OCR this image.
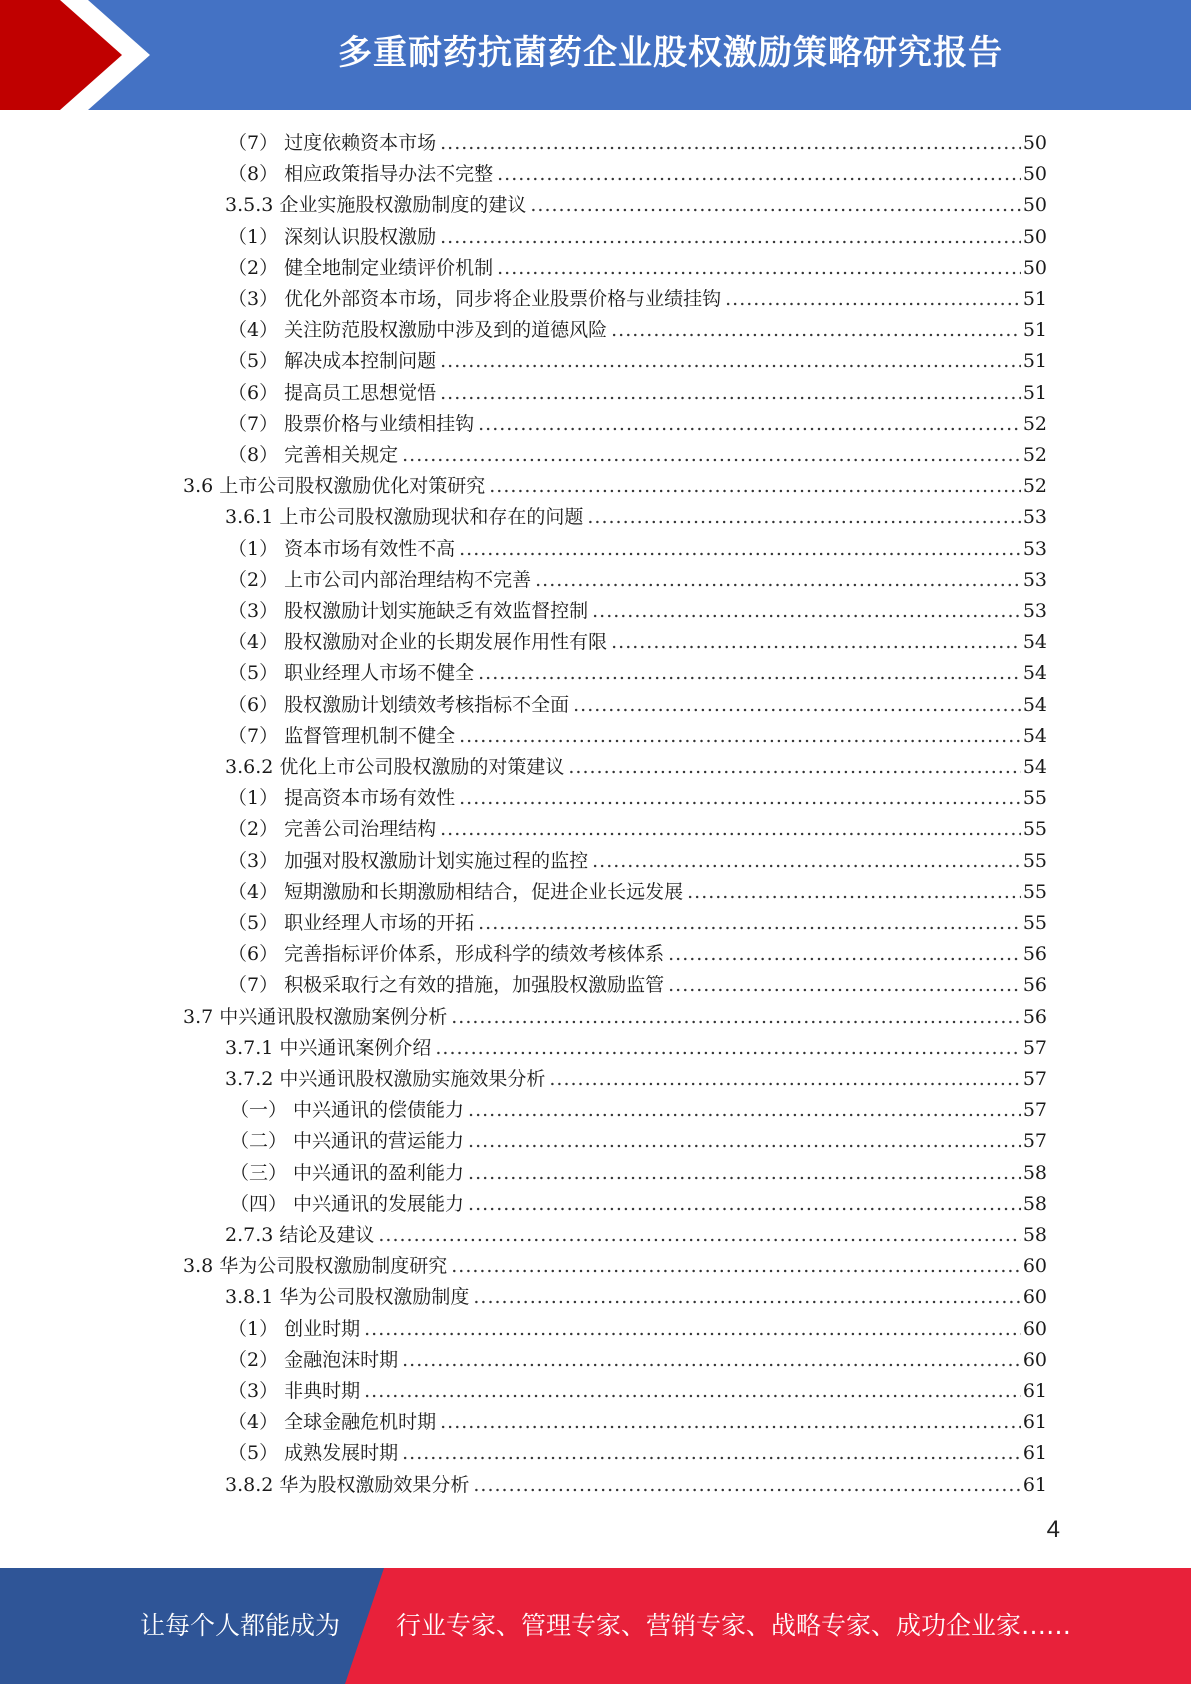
多重耐药抗菌药企业股权激励策略研究报告
（7） 过度依赖资本市场 .....	50
（8） 相应政策指导办法不完整 .....	50
3.5.3 企业实施股权激励制度的建议 .....	50
（1） 深刻认识股权激励 .....	50
（2） 健全地制定业绩评价机制 .....	50
（3） 优化外部资本市场，同步将企业股票价格与业绩挂钩 .....	51
（4） 关注防范股权激励中涉及到的道德风险 .....	51
（5） 解决成本控制问题 .....	51
（6） 提高员工思想觉悟 .....	51
（7） 股票价格与业绩相挂钩 .....	52
（8） 完善相关规定 .....	52
3.6 上市公司股权激励优化对策研究 .....	52
3.6.1 上市公司股权激励现状和存在的问题 .....	53
（1） 资本市场有效性不高 .....	53
（2） 上市公司内部治理结构不完善 .....	53
（3） 股权激励计划实施缺乏有效监督控制 .....	53
（4） 股权激励对企业的长期发展作用性有限 .....	54
（5） 职业经理人市场不健全 .....	54
（6） 股权激励计划绩效考核指标不全面 .....	54
（7） 监督管理机制不健全 .....	54
3.6.2 优化上市公司股权激励的对策建议 .....	54
（1） 提高资本市场有效性 .....	55
（2） 完善公司治理结构 .....	55
（3） 加强对股权激励计划实施过程的监控 .....	55
（4） 短期激励和长期激励相结合，促进企业长远发展 .....	55
（5） 职业经理人市场的开拓 .....	55
（6） 完善指标评价体系，形成科学的绩效考核体系 .....	56
（7） 积极采取行之有效的措施，加强股权激励监管 .....	56
3.7 中兴通讯股权激励案例分析 .....	56
3.7.1 中兴通讯案例介绍 .....	57
3.7.2 中兴通讯股权激励实施效果分析 .....	57
（一） 中兴通讯的偿债能力 .....	57
（二） 中兴通讯的营运能力 .....	57
（三） 中兴通讯的盈利能力 .....	58
（四） 中兴通讯的发展能力 .....	58
2.7.3 结论及建议 .....	58
3.8 华为公司股权激励制度研究 .....	60
3.8.1 华为公司股权激励制度 .....	60
（1） 创业时期 .....	60
（2） 金融泡沫时期 .....	60
（3） 非典时期 .....	61
（4） 全球金融危机时期 .....	61
（5） 成熟发展时期 .....	61
3.8.2 华为股权激励效果分析 .....	61
4
让每个人都能成为 行业专家、管理专家、营销专家、战略专家、成功企业家……
